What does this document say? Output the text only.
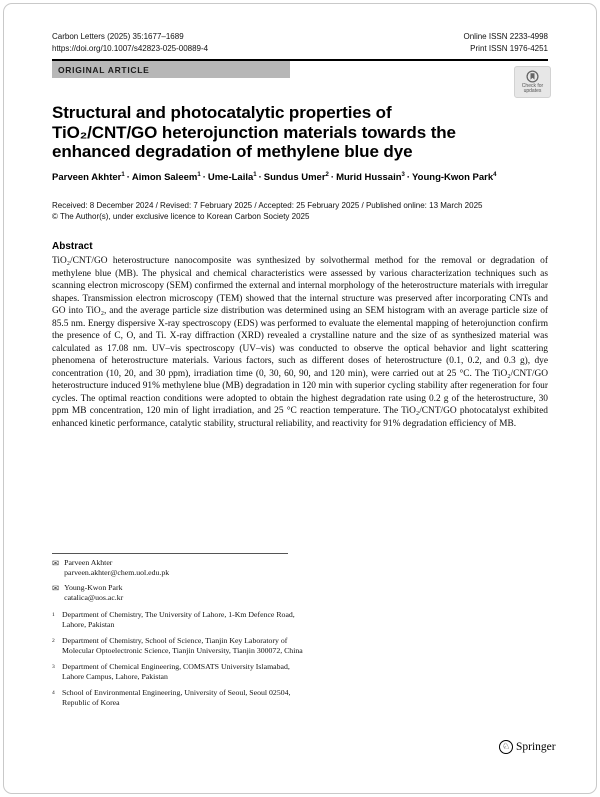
Carbon Letters (2025) 35:1677–1689
https://doi.org/10.1007/s42823-025-00889-4
Online ISSN 2233-4998
Print ISSN 1976-4251
ORIGINAL ARTICLE
Check for
updates
Structural and photocatalytic properties of TiO₂/CNT/GO heterojunction materials towards the enhanced degradation of methylene blue dye
Parveen Akhter$^1$ · Aimon Saleem$^1$ · Ume-Laila$^1$ · Sundus Umer$^2$ · Murid Hussain$^3$ · Young-Kwon Park$^4$
Received: 8 December 2024 / Revised: 7 February 2025 / Accepted: 25 February 2025 / Published online: 13 March 2025
© The Author(s), under exclusive licence to Korean Carbon Society 2025
Abstract
TiO₂/CNT/GO heterostructure nanocomposite was synthesized by solvothermal method for the removal or degradation of methylene blue (MB). The physical and chemical characteristics were assessed by various characterization techniques such as scanning electron microscopy (SEM) confirmed the external and internal morphology of the heterostructure materials with irregular shapes. Transmission electron microscopy (TEM) showed that the internal structure was preserved after incorporating CNTs and GO into TiO₂, and the average particle size distribution was determined using an SEM histogram with an average particle size of 85.5 nm. Energy dispersive X-ray spectroscopy (EDS) was performed to evaluate the elemental mapping of heterojunction confirm the presence of C, O, and Ti. X-ray diffraction (XRD) revealed a crystalline nature and the size of as synthesized material was calculated as 17.08 nm. UV–vis spectroscopy (UV–vis) was conducted to observe the optical behavior and light scattering phenomena of heterostructure materials. Various factors, such as different doses of heterostructure (0.1, 0.2, and 0.3 g), dye concentration (10, 20, and 30 ppm), irradiation time (0, 30, 60, 90, and 120 min), were carried out at 25 °C. The TiO₂/CNT/GO heterostructure induced 91% methylene blue (MB) degradation in 120 min with superior cycling stability after regeneration for four cycles. The optimal reaction conditions were adopted to obtain the highest degradation rate using 0.2 g of the heterostructure, 30 ppm MB concentration, 120 min of light irradiation, and 25 °C reaction temperature. The TiO₂/CNT/GO photocatalyst exhibited enhanced kinetic performance, catalytic stability, structural reliability, and reactivity for 91% degradation efficiency of MB.
✉ Parveen Akhter
parveen.akhter@chem.uol.edu.pk
✉ Young-Kwon Park
catalica@uos.ac.kr
1 Department of Chemistry, The University of Lahore, 1-Km Defence Road, Lahore, Pakistan
2 Department of Chemistry, School of Science, Tianjin Key Laboratory of Molecular Optoelectronic Science, Tianjin University, Tianjin 300072, China
3 Department of Chemical Engineering, COMSATS University Islamabad, Lahore Campus, Lahore, Pakistan
4 School of Environmental Engineering, University of Seoul, Seoul 02504, Republic of Korea
♘ Springer
